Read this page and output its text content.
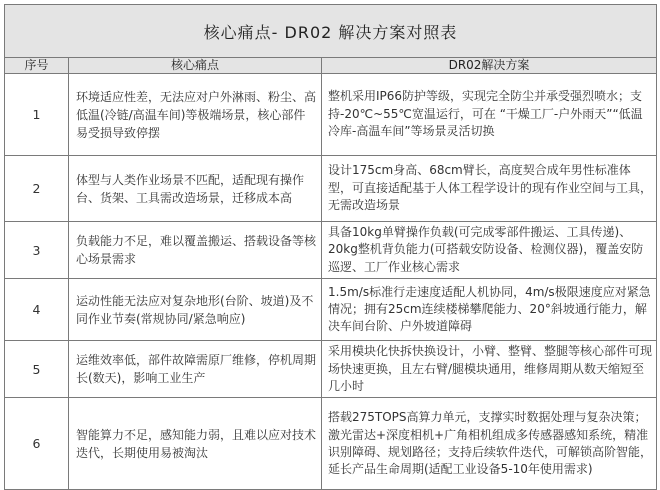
核心痛点- DR02 解决方案对照表		
序号	核心痛点	DR02解决方案
1	环境适应性差，无法应对户外淋雨、粉尘、高低温(冷链/高温车间)等极端场景，核心部件易受损导致停摆	整机采用IP66防护等级，实现完全防尘并承受强烈喷水；支持-20℃~55℃宽温运行，可在 “干燥工厂-户外雨天”“低温冷库-高温车间”等场景灵活切换
2	体型与人类作业场景不匹配，适配现有操作台、货架、工具需改造场景，迁移成本高	设计175cm身高、68cm臂长，高度契合成年男性标准体型，可直接适配基于人体工程学设计的现有作业空间与工具，无需改造场景
3	负载能力不足，难以覆盖搬运、搭载设备等核心场景需求	具备10kg单臂操作负载(可完成零部件搬运、工具传递)、20kg整机背负能力(可搭载安防设备、检测仪器)，覆盖安防巡逻、工厂作业核心需求
4	运动性能无法应对复杂地形(台阶、坡道)及不同作业节奏(常规协同/紧急响应)	1.5m/s标准行走速度适配人机协同，4m/s极限速度应对紧急情况；拥有25cm连续楼梯攀爬能力、20°斜坡通行能力，解决车间台阶、户外坡道障碍
5	运维效率低，部件故障需原厂维修，停机周期长(数天)，影响工业生产	采用模块化快拆快换设计，小臂、整臂、整腿等核心部件可现场快速更换，且左右臂/腿模块通用，维修周期从数天缩短至几小时
6	智能算力不足，感知能力弱，且难以应对技术迭代，长期使用易被淘汰	搭载275TOPS高算力单元，支撑实时数据处理与复杂决策；激光雷达+深度相机+广角相机组成多传感器感知系统，精准识别障碍、规划路径；支持后续软件迭代，可解锁高阶智能，延长产品生命周期(适配工业设备5-10年使用需求)
